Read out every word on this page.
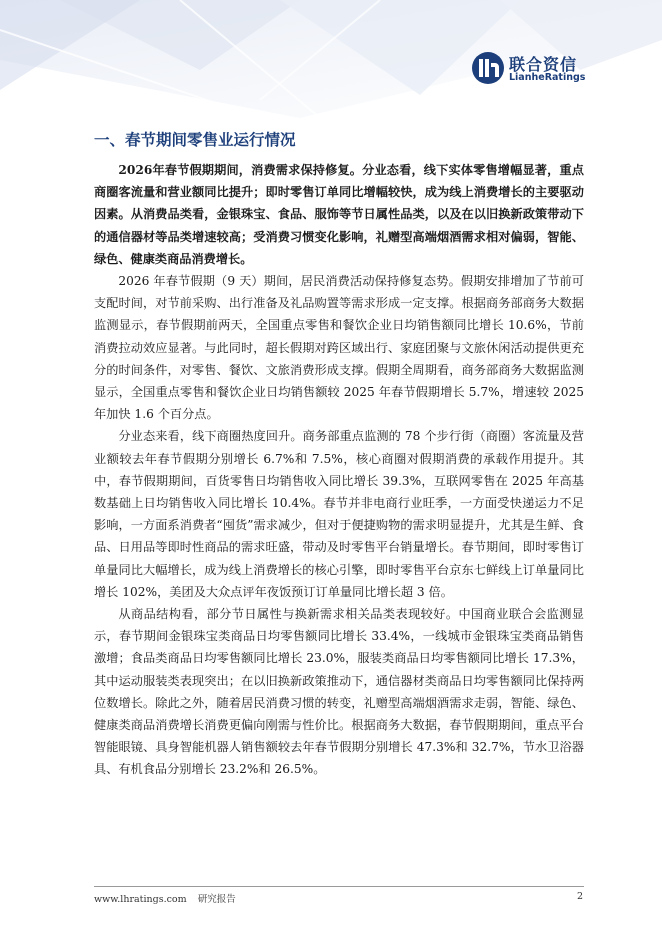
联合资信
LianheRatings
一、春节期间零售业运行情况

2026年春节假期期间，消费需求保持修复。分业态看，线下实体零售增幅显著，重点商圈客流量和营业额同比提升；即时零售订单同比增幅较快，成为线上消费增长的主要驱动因素。从消费品类看，金银珠宝、食品、服饰等节日属性品类，以及在以旧换新政策带动下的通信器材等品类增速较高；受消费习惯变化影响，礼赠型高端烟酒需求相对偏弱，智能、绿色、健康类商品消费增长。

2026 年春节假期（9 天）期间，居民消费活动保持修复态势。假期安排增加了节前可支配时间，对节前采购、出行准备及礼品购置等需求形成一定支撑。根据商务部商务大数据监测显示，春节假期前两天，全国重点零售和餐饮企业日均销售额同比增长 10.6%，节前消费拉动效应显著。与此同时，超长假期对跨区域出行、家庭团聚与文旅休闲活动提供更充分的时间条件，对零售、餐饮、文旅消费形成支撑。假期全周期看，商务部商务大数据监测显示，全国重点零售和餐饮企业日均销售额较 2025 年春节假期增长 5.7%，增速较 2025 年加快 1.6 个百分点。

分业态来看，线下商圈热度回升。商务部重点监测的 78 个步行街（商圈）客流量及营业额较去年春节假期分别增长 6.7%和 7.5%，核心商圈对假期消费的承载作用提升。其中，春节假期期间，百货零售日均销售收入同比增长 39.3%，互联网零售在 2025 年高基数基础上日均销售收入同比增长 10.4%。春节并非电商行业旺季，一方面受快递运力不足影响，一方面系消费者“囤货”需求减少，但对于便捷购物的需求明显提升，尤其是生鲜、食品、日用品等即时性商品的需求旺盛，带动及时零售平台销量增长。春节期间，即时零售订单量同比大幅增长，成为线上消费增长的核心引擎，即时零售平台京东七鲜线上订单量同比增长 102%，美团及大众点评年夜饭预订订单量同比增长超 3 倍。

从商品结构看，部分节日属性与换新需求相关品类表现较好。中国商业联合会监测显示，春节期间金银珠宝类商品日均零售额同比增长 33.4%，一线城市金银珠宝类商品销售激增；食品类商品日均零售额同比增长 23.0%，服装类商品日均零售额同比增长 17.3%，其中运动服装类表现突出；在以旧换新政策推动下，通信器材类商品日均零售额同比保持两位数增长。除此之外，随着居民消费习惯的转变，礼赠型高端烟酒需求走弱，智能、绿色、健康类商品消费增长消费更偏向刚需与性价比。根据商务大数据，春节假期期间，重点平台智能眼镜、具身智能机器人销售额较去年春节假期分别增长 47.3%和 32.7%，节水卫浴器具、有机食品分别增长 23.2%和 26.5%。

www.lhratings.com 研究报告	2
